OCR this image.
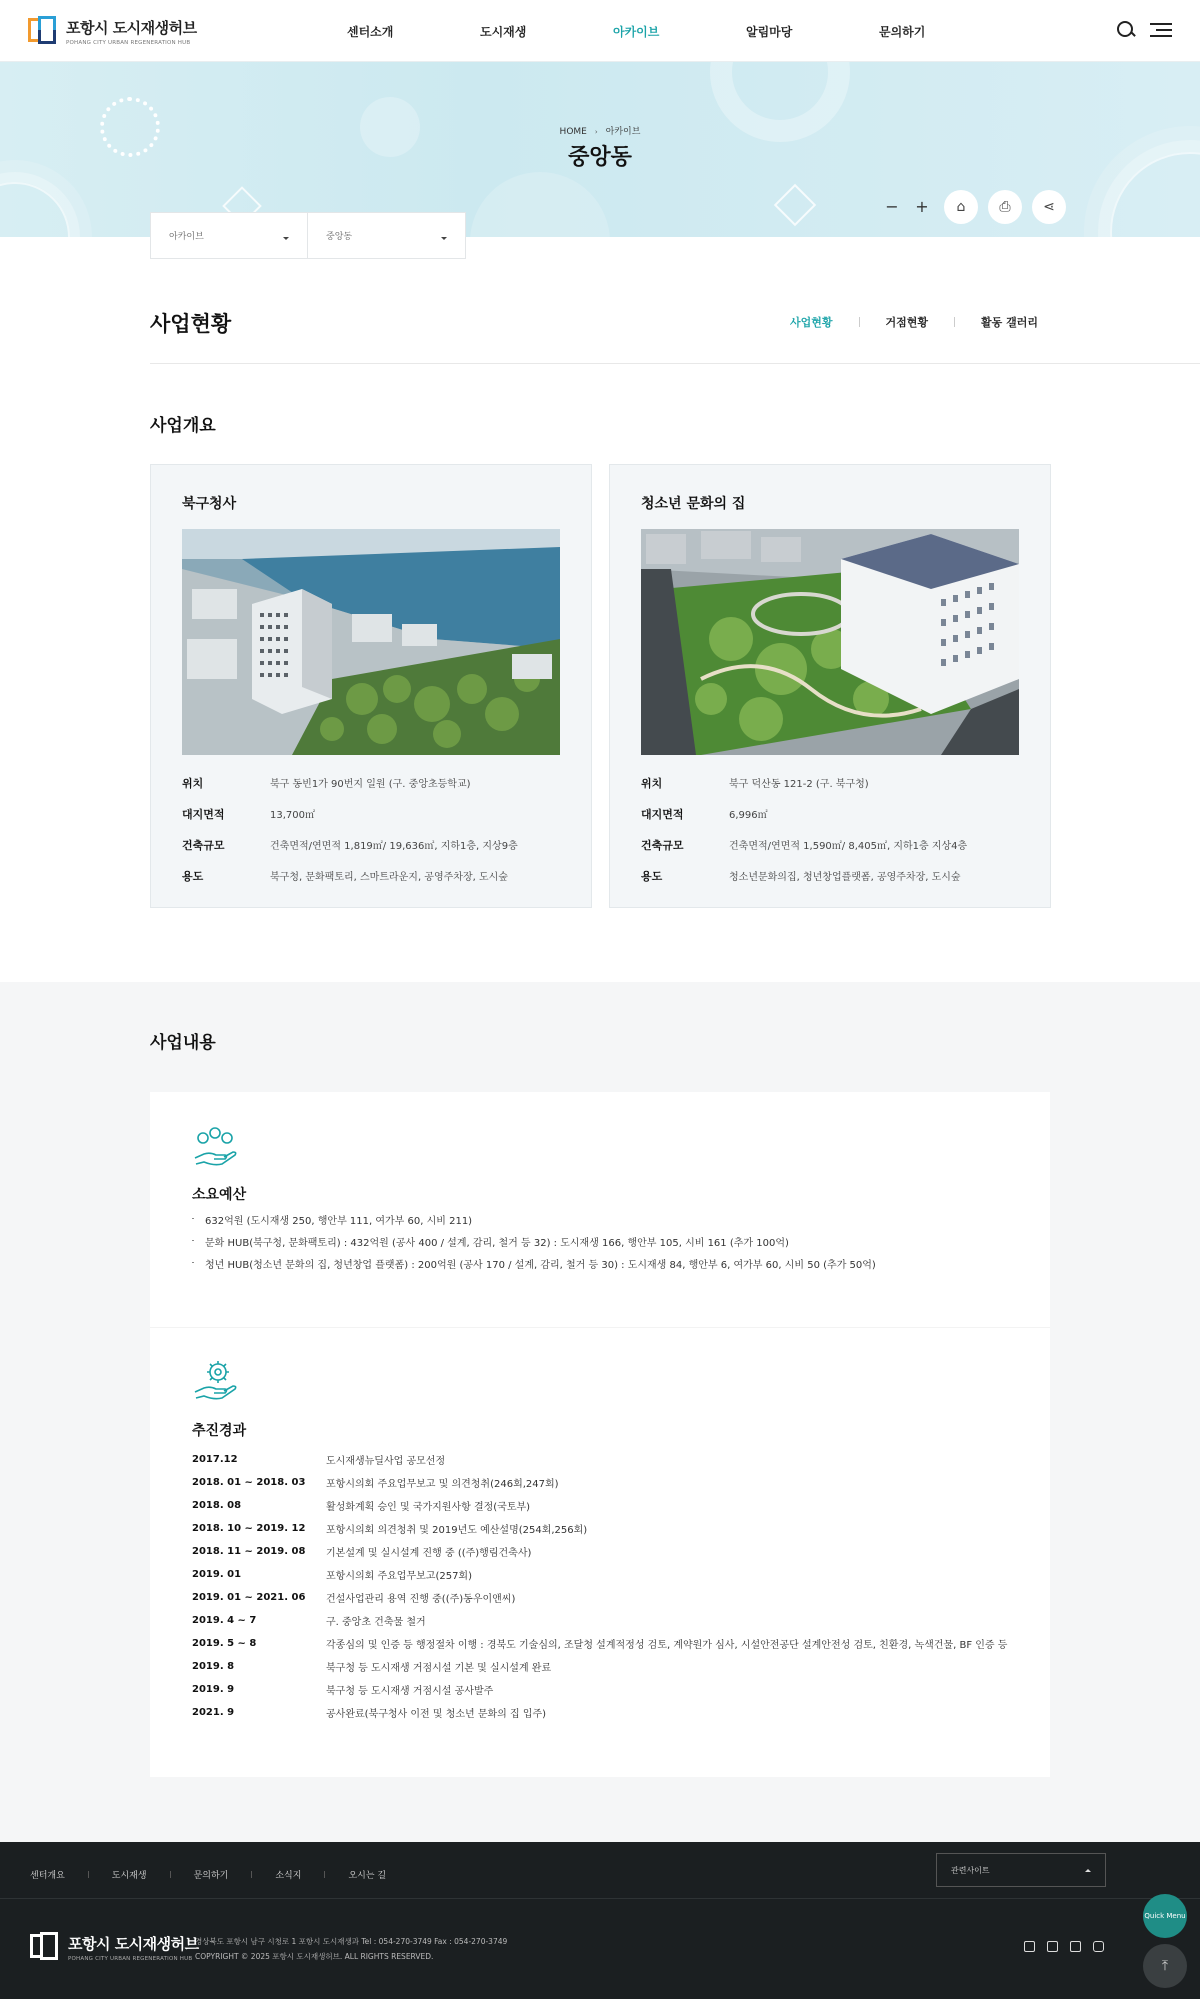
포항시 도시재생허브
POHANG CITY URBAN REGENERATION HUB
센터소개	도시재생	아카이브	알림마당	문의하기
HOME › 아카이브
중앙동
−	+	⌂	⎙	⋖
아카이브	중앙동
사업현황	사업현황	거점현황	활동 갤러리
사업개요
북구청사
위치	북구 동빈1가 90번지 일원 (구. 중앙초등학교)
대지면적	13,700㎡
건축규모	건축면적/연면적 1,819㎡/ 19,636㎡, 지하1층, 지상9층
용도	북구청, 문화팩토리, 스마트라운지, 공영주차장, 도시숲
청소년 문화의 집
위치	북구 덕산동 121-2 (구. 북구청)
대지면적	6,996㎡
건축규모	건축면적/연면적 1,590㎡/ 8,405㎡, 지하1층 지상4층
용도	청소년문화의집, 청년창업플랫폼, 공영주차장, 도시숲
사업내용
소요예산
632억원 (도시재생 250, 행안부 111, 여가부 60, 시비 211)
문화 HUB(북구청, 문화팩토리) : 432억원 (공사 400 / 설계, 감리, 철거 등 32) : 도시재생 166, 행안부 105, 시비 161 (추가 100억)
청년 HUB(청소년 문화의 집, 청년창업 플랫폼) : 200억원 (공사 170 / 설계, 감리, 철거 등 30) : 도시재생 84, 행안부 6, 여가부 60, 시비 50 (추가 50억)
추진경과
2017.12	도시재생뉴딜사업 공모선정
2018. 01 ~ 2018. 03	포항시의회 주요업무보고 및 의견청취(246회,247회)
2018. 08	활성화계획 승인 및 국가지원사항 결정(국토부)
2018. 10 ~ 2019. 12	포항시의회 의견청취 및 2019년도 예산설명(254회,256회)
2018. 11 ~ 2019. 08	기본설계 및 실시설계 진행 중 ((주)행림건축사)
2019. 01	포항시의회 주요업무보고(257회)
2019. 01 ~ 2021. 06	건설사업관리 용역 진행 중((주)동우이앤씨)
2019. 4 ~ 7	구. 중앙초 건축물 철거
2019. 5 ~ 8	각종심의 및 인증 등 행정절차 이행 : 경북도 기술심의, 조달청 설계적정성 검토, 계약원가 심사, 시설안전공단 설계안전성 검토, 친환경, 녹색건물, BF 인증 등
2019. 8	북구청 등 도시재생 거점시설 기본 및 실시설계 완료
2019. 9	북구청 등 도시재생 거점시설 공사발주
2021. 9	공사완료(북구청사 이전 및 청소년 문화의 집 입주)
센터개요	도시재생	문의하기	소식지	오시는 길
관련사이트
포항시 도시재생허브
POHANG CITY URBAN REGENERATION HUB
경상북도 포항시 남구 시청로 1 포항시 도시재생과 Tel : 054-270-3749 Fax : 054-270-3749
COPYRIGHT © 2025 포항시 도시재생허브. ALL RIGHTS RESERVED.
Quick Menu
⤒
